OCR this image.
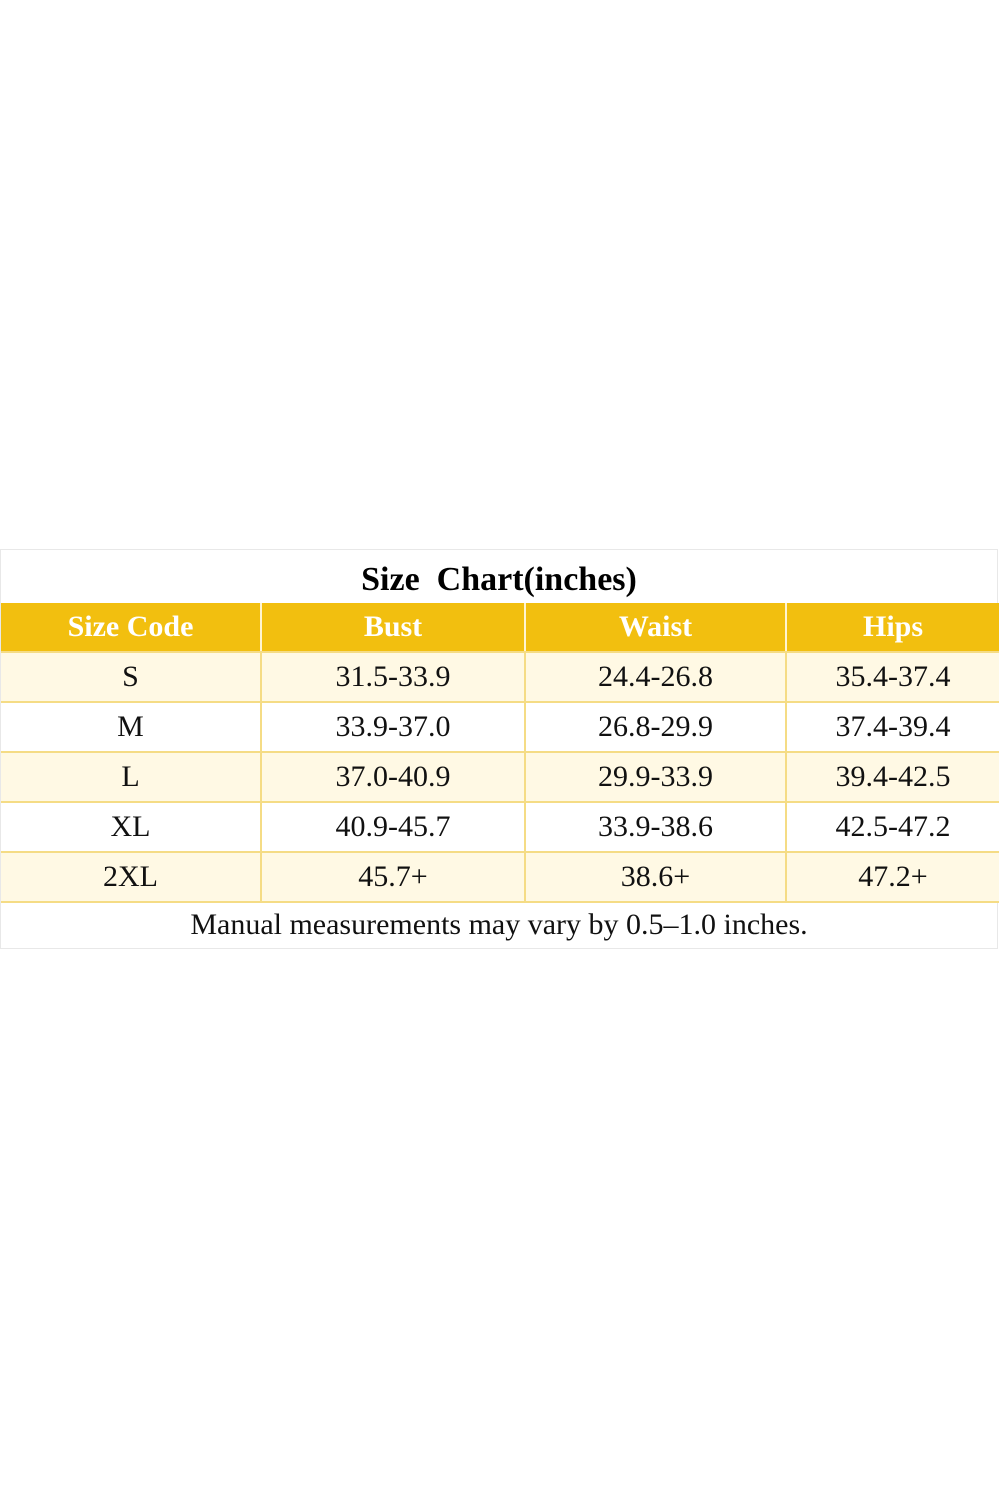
Size  Chart(inches)
Size Code	Bust	Waist	Hips
S	31.5-33.9	24.4-26.8	35.4-37.4
M	33.9-37.0	26.8-29.9	37.4-39.4
L	37.0-40.9	29.9-33.9	39.4-42.5
XL	40.9-45.7	33.9-38.6	42.5-47.2
2XL	45.7+	38.6+	47.2+
Manual measurements may vary by 0.5–1.0 inches.
